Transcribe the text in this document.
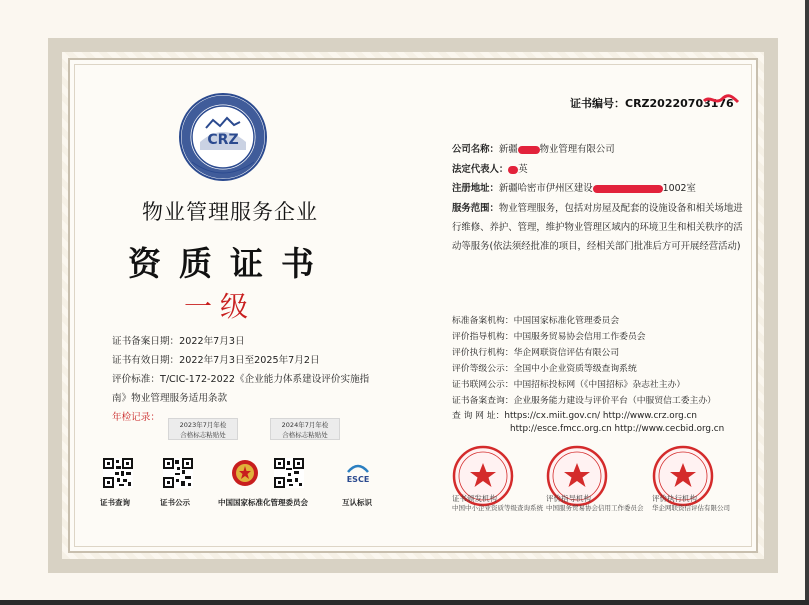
证书编号：CRZ20220703176
CRZ
物业管理服务企业
资质证书
一级
证书备案日期：2022年7月3日
证书有效日期：2022年7月3日至2025年7月2日
评价标准：T/CIC-172-2022《企业能力体系建设评价实施指
南》物业管理服务适用条款
年检记录：
2023年7月年检
合格标志粘贴处
2024年7月年检
合格标志粘贴处
ESCE
证书查询	证书公示	中国国家标准化管理委员会	互认标识
公司名称：新疆 物业管理有限公司
法定代表人： 英
注册地址：新疆哈密市伊州区建设	1002室
服务范围：物业管理服务，包括对房屋及配套的设施设备和相关场地进行维修、养护、管理，维护物业管理区域内的环境卫生和相关秩序的活动等服务(依法须经批准的项目，经相关部门批准后方可开展经营活动)
标准备案机构：中国国家标准化管理委员会
评价指导机构：中国服务贸易协会信用工作委员会
评价执行机构：华企网联资信评估有限公司
评价等级公示：全国中小企业资质等级查询系统
证书联网公示：中国招标投标网（《中国招标》杂志社主办）
证书备案查询：企业服务能力建设与评价平台（中服贸信工委主办）
查 询 网 址：https://cx.miit.gov.cn/ http://www.crz.org.cn
http://esce.fmcc.org.cn http://www.cecbid.org.cn
证书颁发机构
中国中小企业资质等级查询系统
评价指导机构
中国服务贸易协会信用工作委员会
评价执行机构
华企网联资信评估有限公司
